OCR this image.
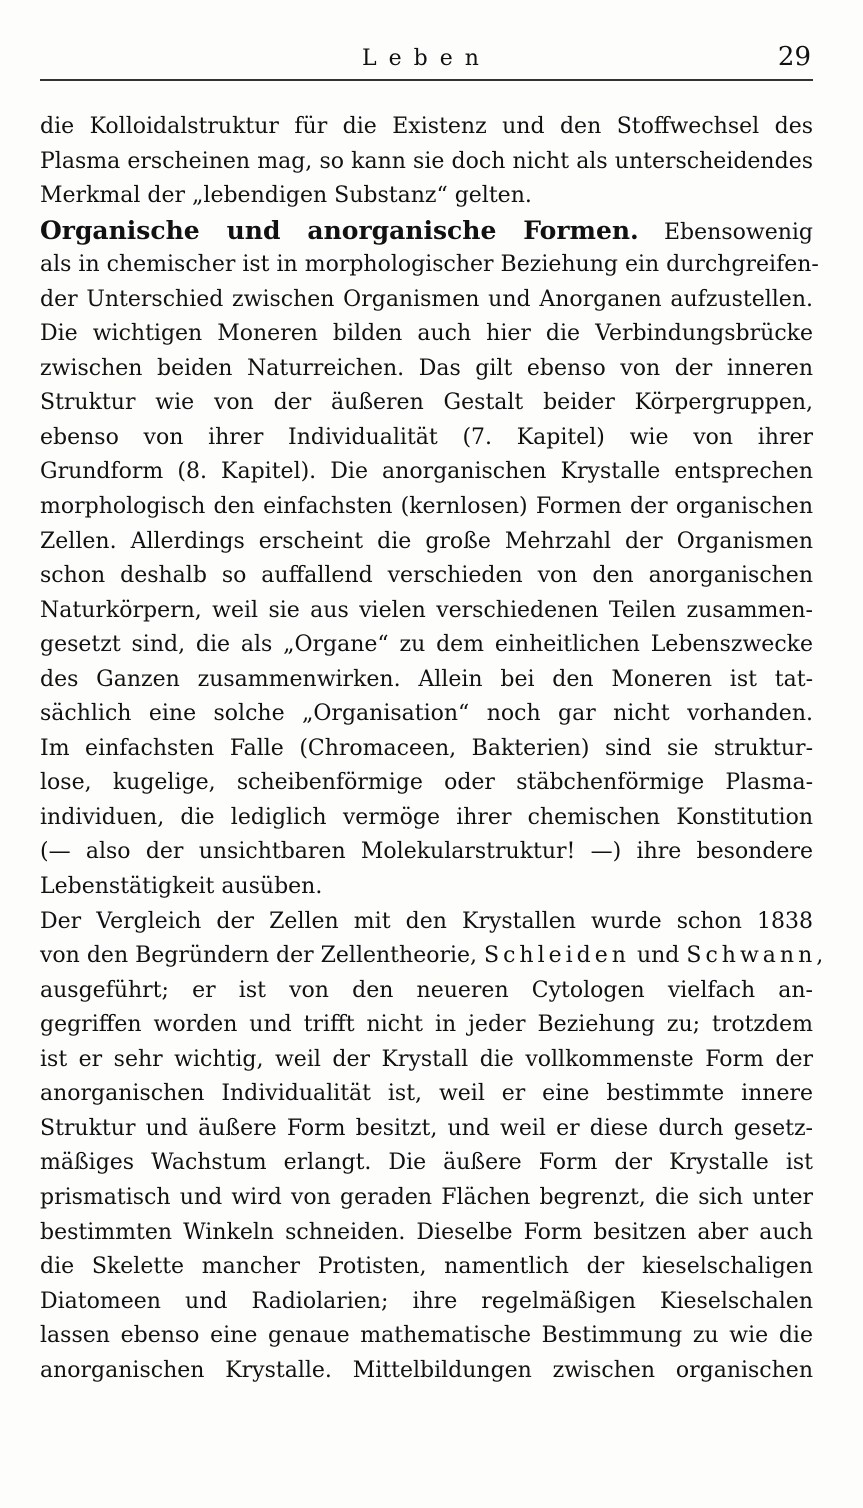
Leben	29
die Kolloidalstruktur für die Existenz und den Stoffwechsel des
Plasma erscheinen mag, so kann sie doch nicht als unterscheidendes
Merkmal der „lebendigen Substanz“ gelten.
Organische und anorganische Formen. Ebensowenig
als in chemischer ist in morphologischer Beziehung ein durchgreifen-
der Unterschied zwischen Organismen und Anorganen aufzustellen.
Die wichtigen Moneren bilden auch hier die Verbindungsbrücke
zwischen beiden Naturreichen. Das gilt ebenso von der inneren
Struktur wie von der äußeren Gestalt beider Körpergruppen,
ebenso von ihrer Individualität (7. Kapitel) wie von ihrer
Grundform (8. Kapitel). Die anorganischen Krystalle entsprechen
morphologisch den einfachsten (kernlosen) Formen der organischen
Zellen. Allerdings erscheint die große Mehrzahl der Organismen
schon deshalb so auffallend verschieden von den anorganischen
Naturkörpern, weil sie aus vielen verschiedenen Teilen zusammen-
gesetzt sind, die als „Organe“ zu dem einheitlichen Lebenszwecke
des Ganzen zusammenwirken. Allein bei den Moneren ist tat-
sächlich eine solche „Organisation“ noch gar nicht vorhanden.
Im einfachsten Falle (Chromaceen, Bakterien) sind sie struktur-
lose, kugelige, scheibenförmige oder stäbchenförmige Plasma-
individuen, die lediglich vermöge ihrer chemischen Konstitution
(— also der unsichtbaren Molekularstruktur! —) ihre besondere
Lebenstätigkeit ausüben.
Der Vergleich der Zellen mit den Krystallen wurde schon 1838
von den Begründern der Zellentheorie, Schleiden und Schwann,
ausgeführt; er ist von den neueren Cytologen vielfach an-
gegriffen worden und trifft nicht in jeder Beziehung zu; trotzdem
ist er sehr wichtig, weil der Krystall die vollkommenste Form der
anorganischen Individualität ist, weil er eine bestimmte innere
Struktur und äußere Form besitzt, und weil er diese durch gesetz-
mäßiges Wachstum erlangt. Die äußere Form der Krystalle ist
prismatisch und wird von geraden Flächen begrenzt, die sich unter
bestimmten Winkeln schneiden. Dieselbe Form besitzen aber auch
die Skelette mancher Protisten, namentlich der kieselschaligen
Diatomeen und Radiolarien; ihre regelmäßigen Kieselschalen
lassen ebenso eine genaue mathematische Bestimmung zu wie die
anorganischen Krystalle. Mittelbildungen zwischen organischen
